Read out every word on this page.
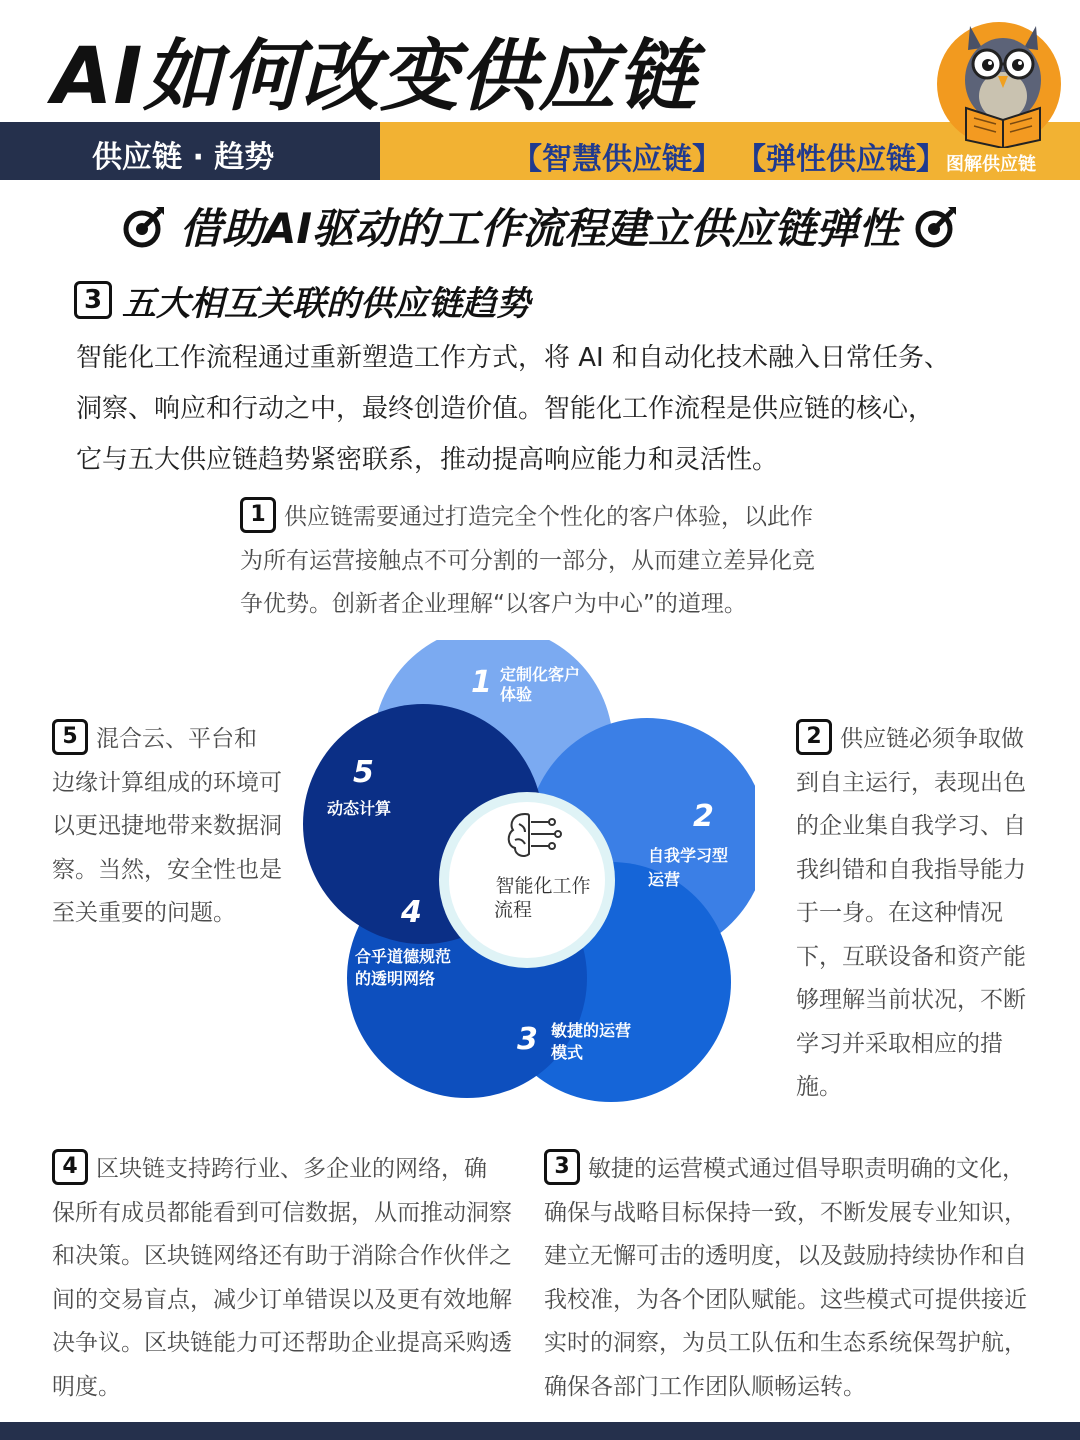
AI如何改变供应链
供应链 · 趋势	【智慧供应链】 【弹性供应链】 图解供应链
借助AI驱动的工作流程建立供应链弹性
3 五大相互关联的供应链趋势
智能化工作流程通过重新塑造工作方式，将 AI 和自动化技术融入日常任务、
洞察、响应和行动之中，最终创造价值。智能化工作流程是供应链的核心，
它与五大供应链趋势紧密联系，推动提高响应能力和灵活性。
1 供应链需要通过打造完全个性化的客户体验，以此作
为所有运营接触点不可分割的一部分，从而建立差异化竞
争优势。创新者企业理解“以客户为中心”的道理。
5 混合云、平台和
边缘计算组成的环境可
以更迅捷地带来数据洞
察。当然，安全性也是
至关重要的问题。
2 供应链必须争取做
到自主运行，表现出色
的企业集自我学习、自
我纠错和自我指导能力
于一身。在这种情况
下，互联设备和资产能
够理解当前状况，不断
学习并采取相应的措
施。
智能化工作
流程
1 定制化客户
体验
2
自我学习型
运营
3 敏捷的运营
模式
4
合乎道德规范
的透明网络
5
动态计算
4 区块链支持跨行业、多企业的网络，确
保所有成员都能看到可信数据，从而推动洞察
和决策。区块链网络还有助于消除合作伙伴之
间的交易盲点，减少订单错误以及更有效地解
决争议。区块链能力可还帮助企业提高采购透
明度。
3 敏捷的运营模式通过倡导职责明确的文化，
确保与战略目标保持一致，不断发展专业知识，
建立无懈可击的透明度，以及鼓励持续协作和自
我校准，为各个团队赋能。这些模式可提供接近
实时的洞察，为员工队伍和生态系统保驾护航，
确保各部门工作团队顺畅运转。
